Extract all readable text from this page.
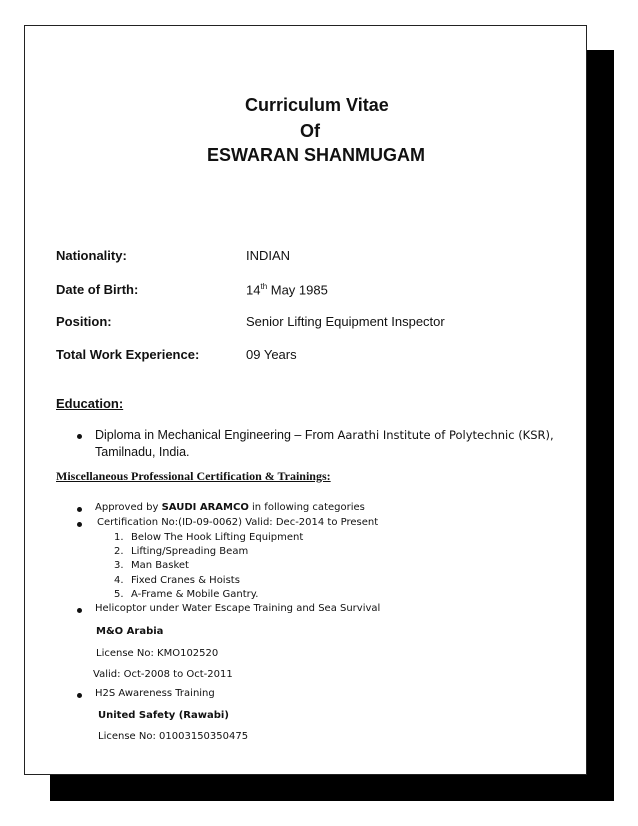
Curriculum Vitae
Of
ESWARAN SHANMUGAM
Nationality:	INDIAN
Date of Birth:	14th May 1985
Position:	Senior Lifting Equipment Inspector
Total Work Experience:	09 Years
Education:
Diploma in Mechanical Engineering – From Aarathi Institute of Polytechnic (KSR),
Tamilnadu, India.
Miscellaneous Professional Certification & Trainings:
Approved by SAUDI ARAMCO in following categories
Certification No:(ID-09-0062) Valid: Dec-2014 to Present
1. Below The Hook Lifting Equipment
2. Lifting/Spreading Beam
3. Man Basket
4. Fixed Cranes & Hoists
5. A-Frame & Mobile Gantry.
Helicoptor under Water Escape Training and Sea Survival
M&O Arabia
License No: KMO102520
Valid: Oct-2008 to Oct-2011
H2S Awareness Training
United Safety (Rawabi)
License No: 01003150350475
